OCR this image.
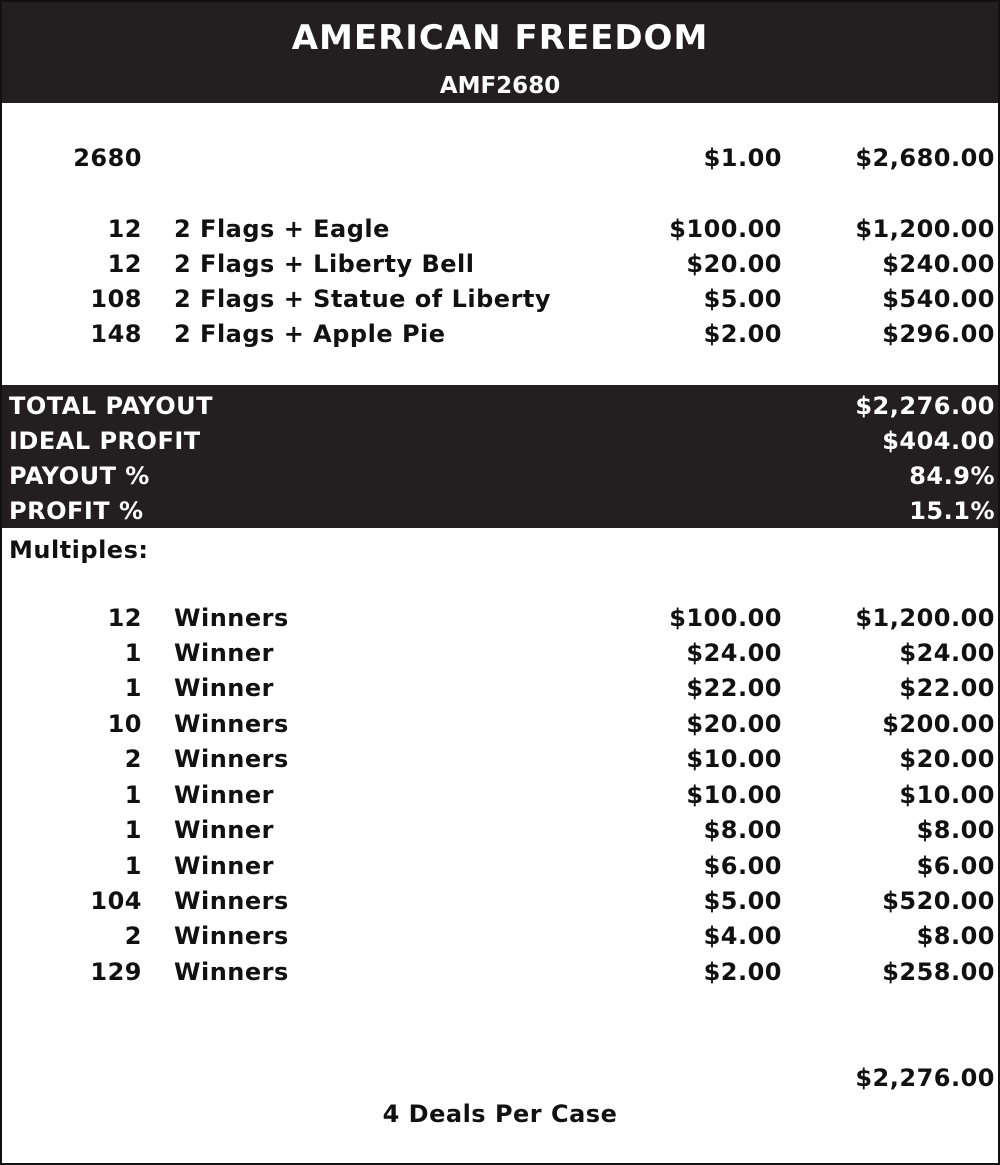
AMERICAN FREEDOM
AMF2680
2680	$1.00	$2,680.00
12 2 Flags + Eagle	$100.00	$1,200.00
12 2 Flags + Liberty Bell	$20.00	$240.00
108 2 Flags + Statue of Liberty	$5.00	$540.00
148 2 Flags + Apple Pie	$2.00	$296.00
TOTAL PAYOUT	$2,276.00
IDEAL PROFIT	$404.00
PAYOUT %	84.9%
PROFIT %	15.1%
Multiples:
12 Winners	$100.00	$1,200.00
1 Winner	$24.00	$24.00
1 Winner	$22.00	$22.00
10 Winners	$20.00	$200.00
2 Winners	$10.00	$20.00
1 Winner	$10.00	$10.00
1 Winner	$8.00	$8.00
1 Winner	$6.00	$6.00
104 Winners	$5.00	$520.00
2 Winners	$4.00	$8.00
129 Winners	$2.00	$258.00
$2,276.00
4 Deals Per Case
